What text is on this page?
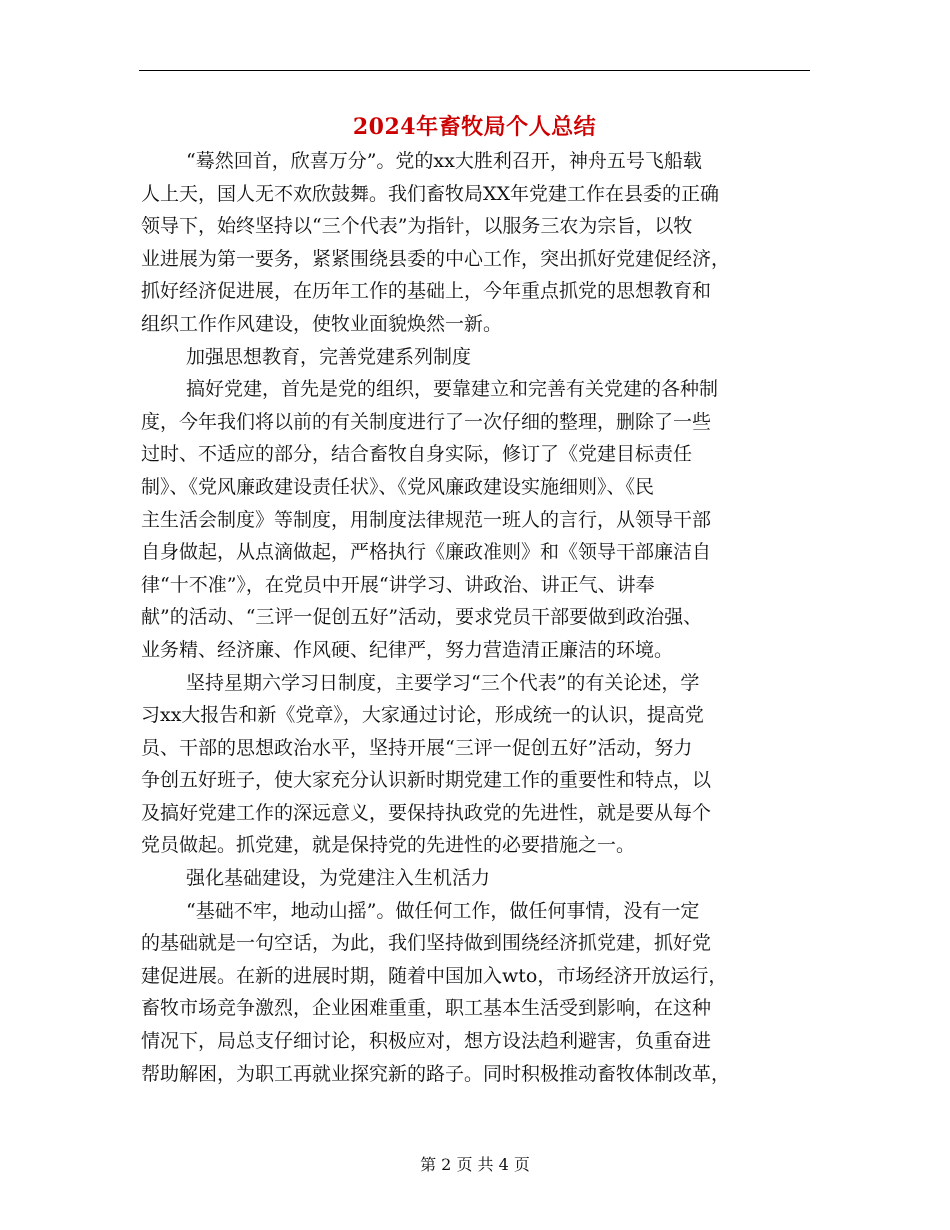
2024年畜牧局个人总结
“蓦然回首，欣喜万分”。党的xx大胜利召开，神舟五号飞船载
人上天，国人无不欢欣鼓舞。我们畜牧局XX年党建工作在县委的正确
领导下，始终坚持以“三个代表”为指针，以服务三农为宗旨，以牧
业进展为第一要务，紧紧围绕县委的中心工作，突出抓好党建促经济，
抓好经济促进展，在历年工作的基础上，今年重点抓党的思想教育和
组织工作作风建设，使牧业面貌焕然一新。
加强思想教育，完善党建系列制度
搞好党建，首先是党的组织，要靠建立和完善有关党建的各种制
度，今年我们将以前的有关制度进行了一次仔细的整理，删除了一些
过时、不适应的部分，结合畜牧自身实际，修订了《党建目标责任
制》、《党风廉政建设责任状》、《党风廉政建设实施细则》、《民
主生活会制度》等制度，用制度法律规范一班人的言行，从领导干部
自身做起，从点滴做起，严格执行《廉政准则》和《领导干部廉洁自
律“十不准”》，在党员中开展“讲学习、讲政治、讲正气、讲奉
献”的活动、“三评一促创五好”活动，要求党员干部要做到政治强、
业务精、经济廉、作风硬、纪律严，努力营造清正廉洁的环境。
坚持星期六学习日制度，主要学习“三个代表”的有关论述，学
习xx大报告和新《党章》，大家通过讨论，形成统一的认识，提高党
员、干部的思想政治水平，坚持开展“三评一促创五好”活动，努力
争创五好班子，使大家充分认识新时期党建工作的重要性和特点，以
及搞好党建工作的深远意义，要保持执政党的先进性，就是要从每个
党员做起。抓党建，就是保持党的先进性的必要措施之一。
强化基础建设，为党建注入生机活力
“基础不牢，地动山摇”。做任何工作，做任何事情，没有一定
的基础就是一句空话，为此，我们坚持做到围绕经济抓党建，抓好党
建促进展。在新的进展时期，随着中国加入wto，市场经济开放运行，
畜牧市场竞争激烈，企业困难重重，职工基本生活受到影响，在这种
情况下，局总支仔细讨论，积极应对，想方设法趋利避害，负重奋进
帮助解困，为职工再就业探究新的路子。同时积极推动畜牧体制改革，
第 2 页 共 4 页
